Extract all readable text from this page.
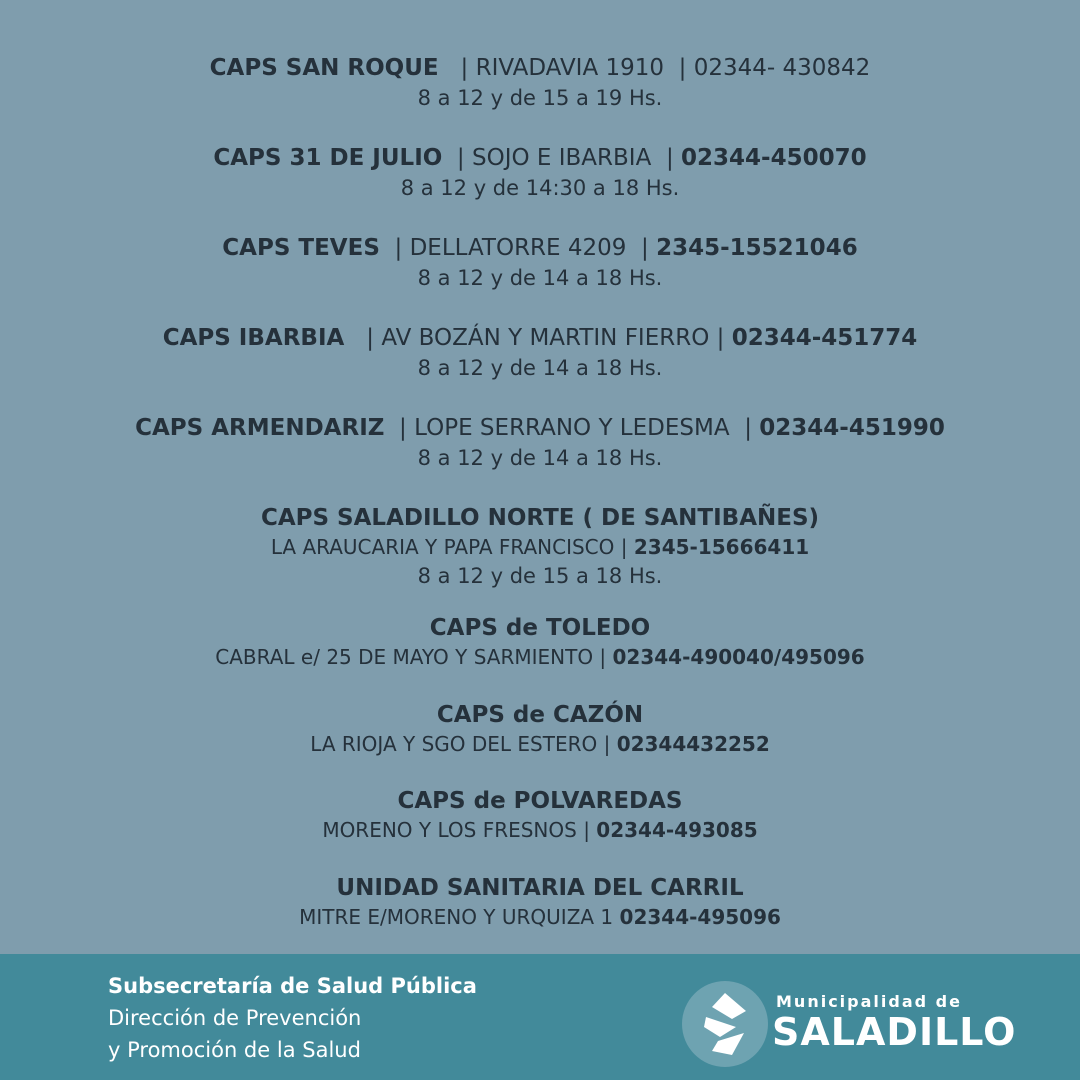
CAPS SAN ROQUE   | RIVADAVIA 1910  | 02344- 430842
8 a 12 y de 15 a 19 Hs.
CAPS 31 DE JULIO  | SOJO E IBARBIA  | 02344-450070
8 a 12 y de 14:30 a 18 Hs.
CAPS TEVES  | DELLATORRE 4209  | 2345-15521046
8 a 12 y de 14 a 18 Hs.
CAPS IBARBIA   | AV BOZÁN Y MARTIN FIERRO | 02344-451774
8 a 12 y de 14 a 18 Hs.
CAPS ARMENDARIZ  | LOPE SERRANO Y LEDESMA  | 02344-451990
8 a 12 y de 14 a 18 Hs.
CAPS SALADILLO NORTE ( DE SANTIBAÑES)
LA ARAUCARIA Y PAPA FRANCISCO | 2345-15666411
8 a 12 y de 15 a 18 Hs.
CAPS de TOLEDO
CABRAL e/ 25 DE MAYO Y SARMIENTO | 02344-490040/495096
CAPS de CAZÓN
LA RIOJA Y SGO DEL ESTERO | 02344432252
CAPS de POLVAREDAS
MORENO Y LOS FRESNOS | 02344-493085
UNIDAD SANITARIA DEL CARRIL
MITRE E/MORENO Y URQUIZA 1 02344-495096
Subsecretaría de Salud Pública
Dirección de Prevención
y Promoción de la Salud
Municipalidad de
SALADILLO
